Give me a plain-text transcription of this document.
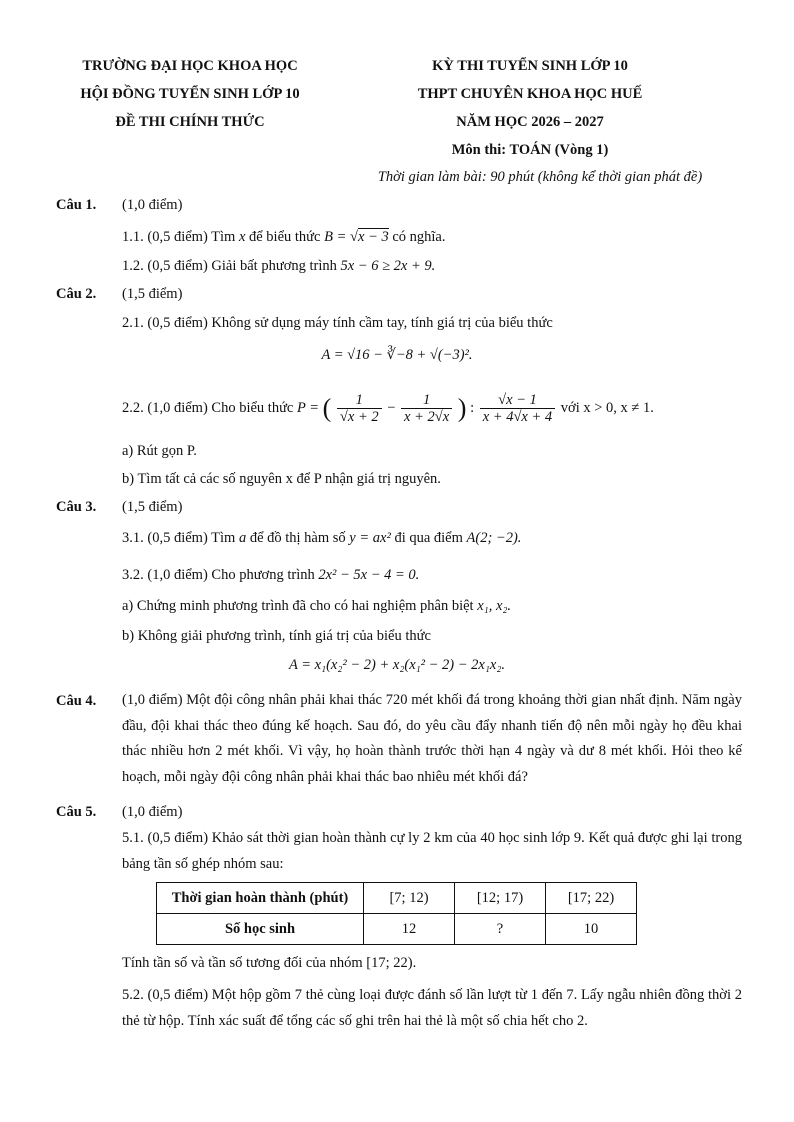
TRƯỜNG ĐẠI HỌC KHOA HỌC
HỘI ĐỒNG TUYỂN SINH LỚP 10
ĐỀ THI CHÍNH THỨC
KỲ THI TUYỂN SINH LỚP 10
THPT CHUYÊN KHOA HỌC HUẾ
NĂM HỌC 2026 – 2027
Môn thi: TOÁN (Vòng 1)
Thời gian làm bài: 90 phút (không kể thời gian phát đề)
Câu 1. (1,0 điểm)
1.1. (0,5 điểm) Tìm x để biểu thức B = √x − 3 có nghĩa.
1.2. (0,5 điểm) Giải bất phương trình 5x − 6 ≥ 2x + 9.
Câu 2. (1,5 điểm)
2.1. (0,5 điểm) Không sử dụng máy tính cầm tay, tính giá trị của biểu thức
A = √16 − ∛−8 + √(−3)².
2.2. (1,0 điểm) Cho biểu thức P = ( $\frac{1}{√x + 2} - \frac{1}{x + 2√x}$ ) : $\frac{√x - 1}{x + 4√x + 4}$ với x > 0, x ≠ 1.
a) Rút gọn P.
b) Tìm tất cả các số nguyên x để P nhận giá trị nguyên.
Câu 3. (1,5 điểm)
3.1. (0,5 điểm) Tìm a để đồ thị hàm số y = ax² đi qua điểm A(2; −2).
3.2. (1,0 điểm) Cho phương trình 2x² − 5x − 4 = 0.
a) Chứng minh phương trình đã cho có hai nghiệm phân biệt x₁, x₂.
b) Không giải phương trình, tính giá trị của biểu thức
A = x₁(x₂² − 2) + x₂(x₁² − 2) − 2x₁x₂.
Câu 4. (1,0 điểm) Một đội công nhân phải khai thác 720 mét khối đá trong khoảng thời gian nhất định. Năm ngày đầu, đội khai thác theo đúng kế hoạch. Sau đó, do yêu cầu đẩy nhanh tiến độ nên mỗi ngày họ đều khai thác nhiều hơn 2 mét khối. Vì vậy, họ hoàn thành trước thời hạn 4 ngày và dư 8 mét khối. Hỏi theo kế hoạch, mỗi ngày đội công nhân phải khai thác bao nhiêu mét khối đá?
Câu 5. (1,0 điểm)
5.1. (0,5 điểm) Khảo sát thời gian hoàn thành cự ly 2 km của 40 học sinh lớp 9. Kết quả được ghi lại trong bảng tần số ghép nhóm sau:
Thời gian hoàn thành (phút)	[7; 12)	[12; 17)	[17; 22)
Số học sinh	12	?	10
Tính tần số và tần số tương đối của nhóm [17; 22).
5.2. (0,5 điểm) Một hộp gồm 7 thẻ cùng loại được đánh số lần lượt từ 1 đến 7. Lấy ngẫu nhiên đồng thời 2 thẻ từ hộp. Tính xác suất để tổng các số ghi trên hai thẻ là một số chia hết cho 2.
